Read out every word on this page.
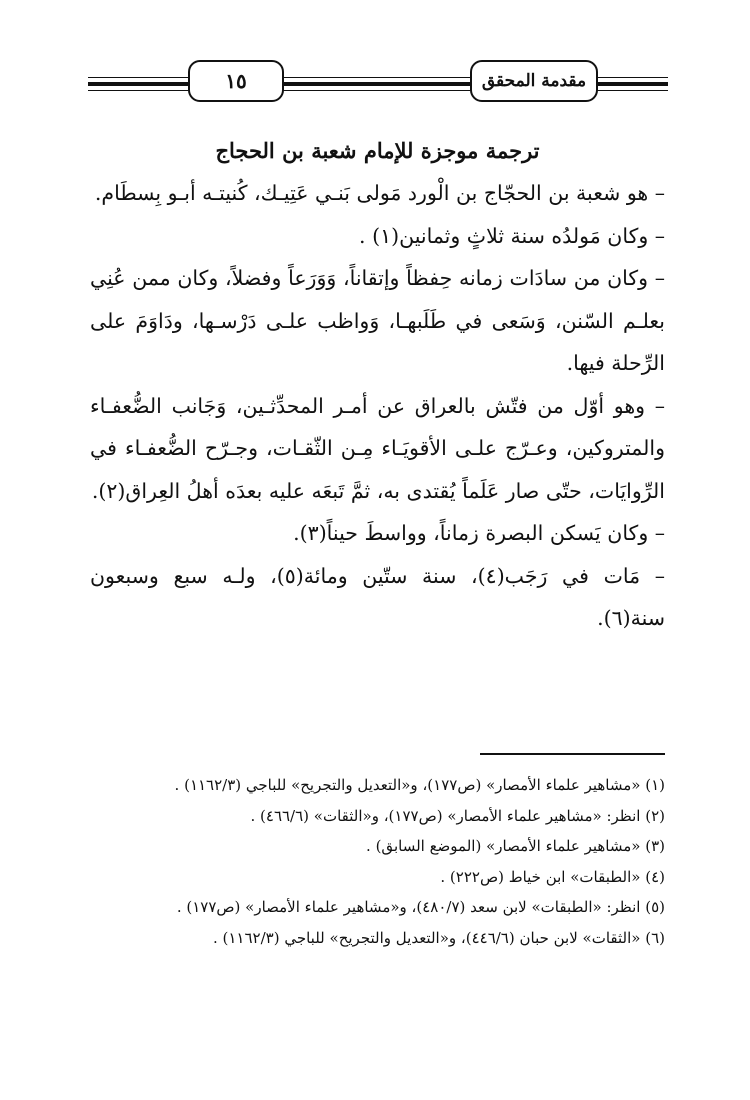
١٥	مقدمة المحقق
ترجمة موجزة للإمام شعبة بن الحجاج

– هو شعبة بن الحجّاج بن الْورد مَولى بَنـي عَتِيـك، كُنيتـه أبـو بِسطَام.

– وكان مَولدُه سنة ثلاثٍ وثمانين(١) .

– وكان من سادَات زمانه حِفظاً وإتقاناً، وَوَرَعاً وفضلاً، وكان ممن عُنِي بعلـم السّنن، وَسَعى في طَلَبهـا، وَواظب علـى دَرْسـها، ودَاوَمَ على الرِّحلة فيها.

– وهو أوّل من فتّش بالعراق عن أمـر المحدِّثـين، وَجَانب الضُّعفـاء والمتروكين، وعـرّج علـى الأقويَـاء مِـن الثّقـات، وجـرّح الضُّعفـاء في الرِّوايَات، حتّى صار عَلَماً يُقتدى به، ثمَّ تَبعَه عليه بعدَه أهلُ العِراق(٢).

– وكان يَسكن البصرة زماناً، وواسطَ حيناً(٣).

– مَات في رَجَب(٤)، سنة ستّين ومائة(٥)، ولـه سبع وسبعون سنة(٦).

(١) «مشاهير علماء الأمصار» (ص١٧٧)، و«التعديل والتجريح» للباجي (١١٦٢/٣) .
(٢) انظر: «مشاهير علماء الأمصار» (ص١٧٧)، و«الثقات» (٤٦٦/٦) .
(٣) «مشاهير علماء الأمصار» (الموضع السابق) .
(٤) «الطبقات» ابن خياط (ص٢٢٢) .
(٥) انظر: «الطبقات» لابن سعد (٤٨٠/٧)، و«مشاهير علماء الأمصار» (ص١٧٧) .
(٦) «الثقات» لابن حبان (٤٤٦/٦)، و«التعديل والتجريح» للباجي (١١٦٢/٣) .
